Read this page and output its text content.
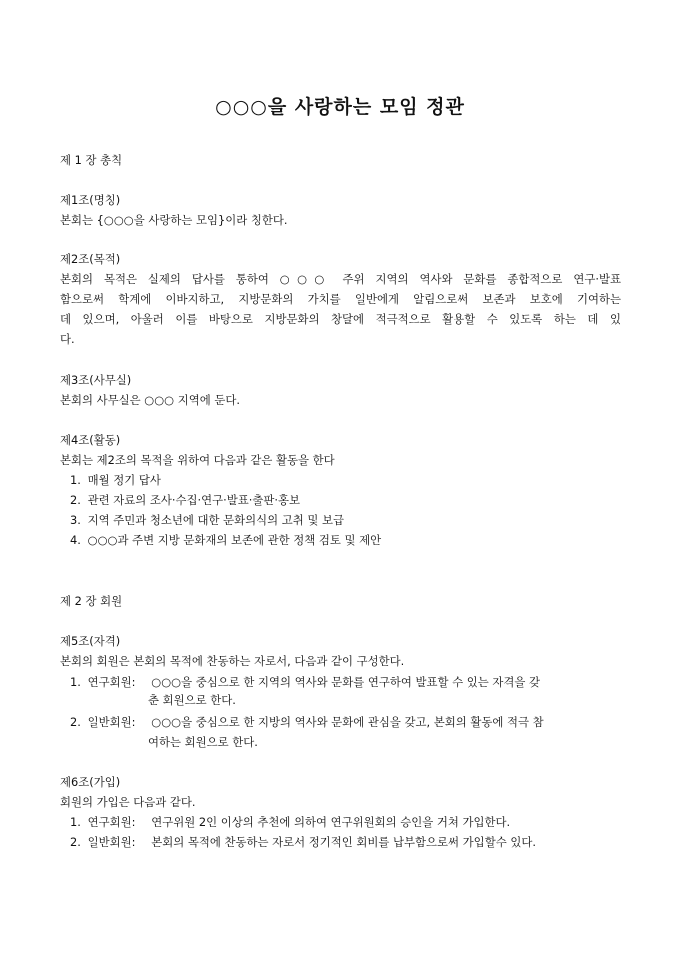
○○○을 사랑하는 모임 정관
제 1 장 총칙
제1조(명칭)
본회는 {○○○을 사랑하는 모임}이라 칭한다.
제2조(목적)
본회의 목적은 실제의 답사를 통하여 ○○○ 주위 지역의 역사와 문화를 종합적으로 연구·발표
함으로써 학계에 이바지하고, 지방문화의 가치를 일반에게 알림으로써 보존과 보호에 기여하는
데 있으며, 아울러 이를 바탕으로 지방문화의 창달에 적극적으로 활용할 수 있도록 하는 데 있
다.
제3조(사무실)
본회의 사무실은 ○○○ 지역에 둔다.
제4조(활동)
본회는 제2조의 목적을 위하여 다음과 같은 활동을 한다
1. 매월 정기 답사
2. 관련 자료의 조사·수집·연구·발표·출판·홍보
3. 지역 주민과 청소년에 대한 문화의식의 고취 및 보급
4. ○○○과 주변 지방 문화재의 보존에 관한 정책 검토 및 제안
제 2 장 회원
제5조(자격)
본회의 회원은 본회의 목적에 찬동하는 자로서, 다음과 같이 구성한다.
1. 연구회원: ○○○을 중심으로 한 지역의 역사와 문화를 연구하여 발표할 수 있는 자격을 갖
춘 회원으로 한다.
2. 일반회원: ○○○을 중심으로 한 지방의 역사와 문화에 관심을 갖고, 본회의 활동에 적극 참
여하는 회원으로 한다.
제6조(가입)
회원의 가입은 다음과 같다.
1. 연구회원: 연구위원 2인 이상의 추천에 의하여 연구위원회의 승인을 거쳐 가입한다.
2. 일반회원: 본회의 목적에 찬동하는 자로서 정기적인 회비를 납부함으로써 가입할수 있다.
